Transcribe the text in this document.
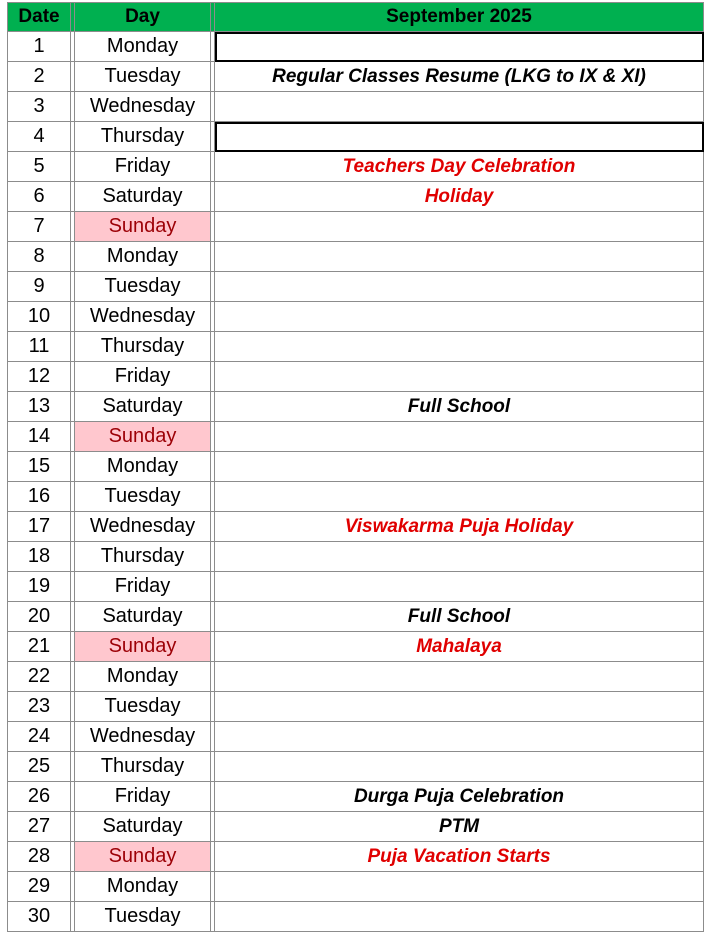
Date		Day		September 2025
1		Monday		
2		Tuesday		Regular Classes Resume (LKG to IX & XI)
3		Wednesday		
4		Thursday		
5		Friday		Teachers Day Celebration
6		Saturday		Holiday
7		Sunday		
8		Monday		
9		Tuesday		
10		Wednesday		
11		Thursday		
12		Friday		
13		Saturday		Full School
14		Sunday		
15		Monday		
16		Tuesday		
17		Wednesday		Viswakarma Puja Holiday
18		Thursday		
19		Friday		
20		Saturday		Full School
21		Sunday		Mahalaya
22		Monday		
23		Tuesday		
24		Wednesday		
25		Thursday		
26		Friday		Durga Puja Celebration
27		Saturday		PTM
28		Sunday		Puja Vacation Starts
29		Monday		
30		Tuesday		
